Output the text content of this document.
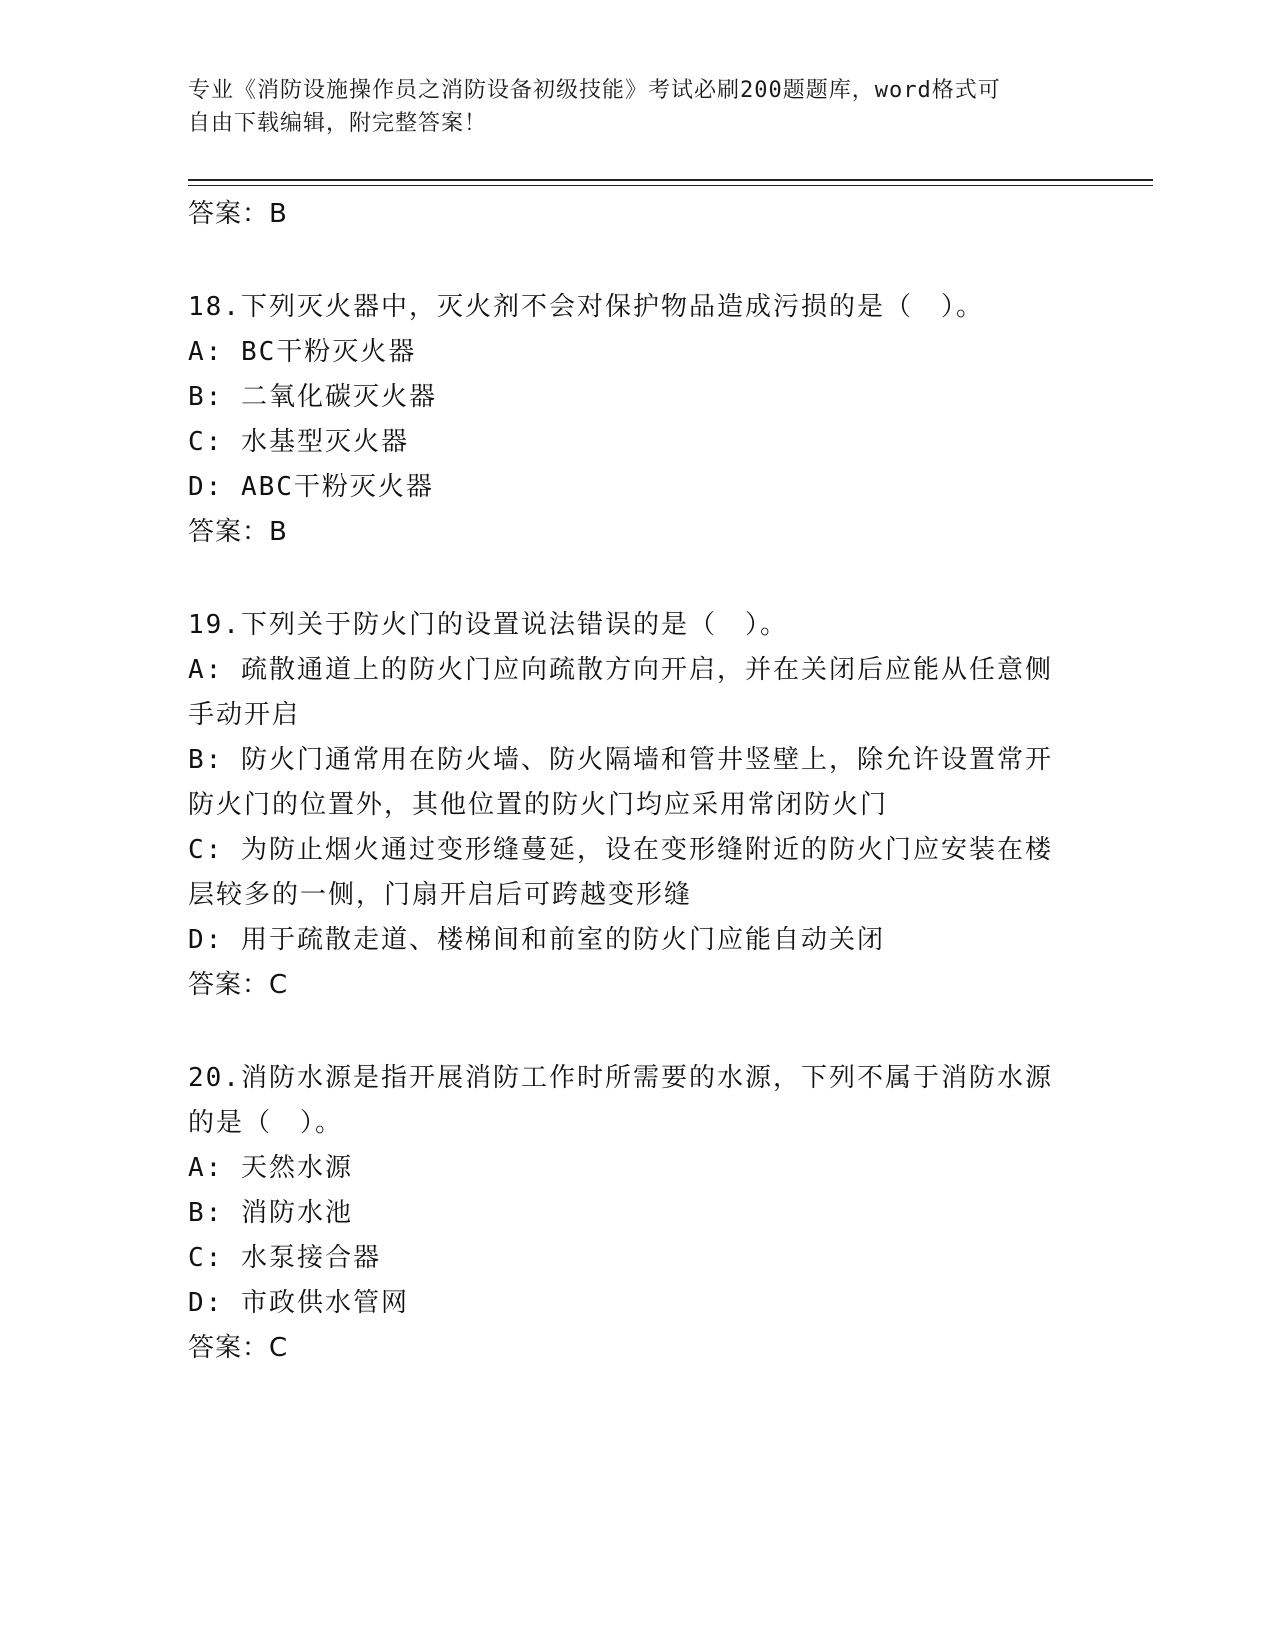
专业《消防设施操作员之消防设备初级技能》考试必刷200题题库，word格式可
自由下载编辑，附完整答案！
答案：B
18.下列灭火器中，灭火剂不会对保护物品造成污损的是（　）。
A: BC干粉灭火器
B: 二氧化碳灭火器
C: 水基型灭火器
D: ABC干粉灭火器
答案：B
19.下列关于防火门的设置说法错误的是（　）。
A: 疏散通道上的防火门应向疏散方向开启，并在关闭后应能从任意侧
手动开启
B: 防火门通常用在防火墙、防火隔墙和管井竖壁上，除允许设置常开
防火门的位置外，其他位置的防火门均应采用常闭防火门
C: 为防止烟火通过变形缝蔓延，设在变形缝附近的防火门应安装在楼
层较多的一侧，门扇开启后可跨越变形缝
D: 用于疏散走道、楼梯间和前室的防火门应能自动关闭
答案：C
20.消防水源是指开展消防工作时所需要的水源，下列不属于消防水源
的是（　）。
A: 天然水源
B: 消防水池
C: 水泵接合器
D: 市政供水管网
答案：C
